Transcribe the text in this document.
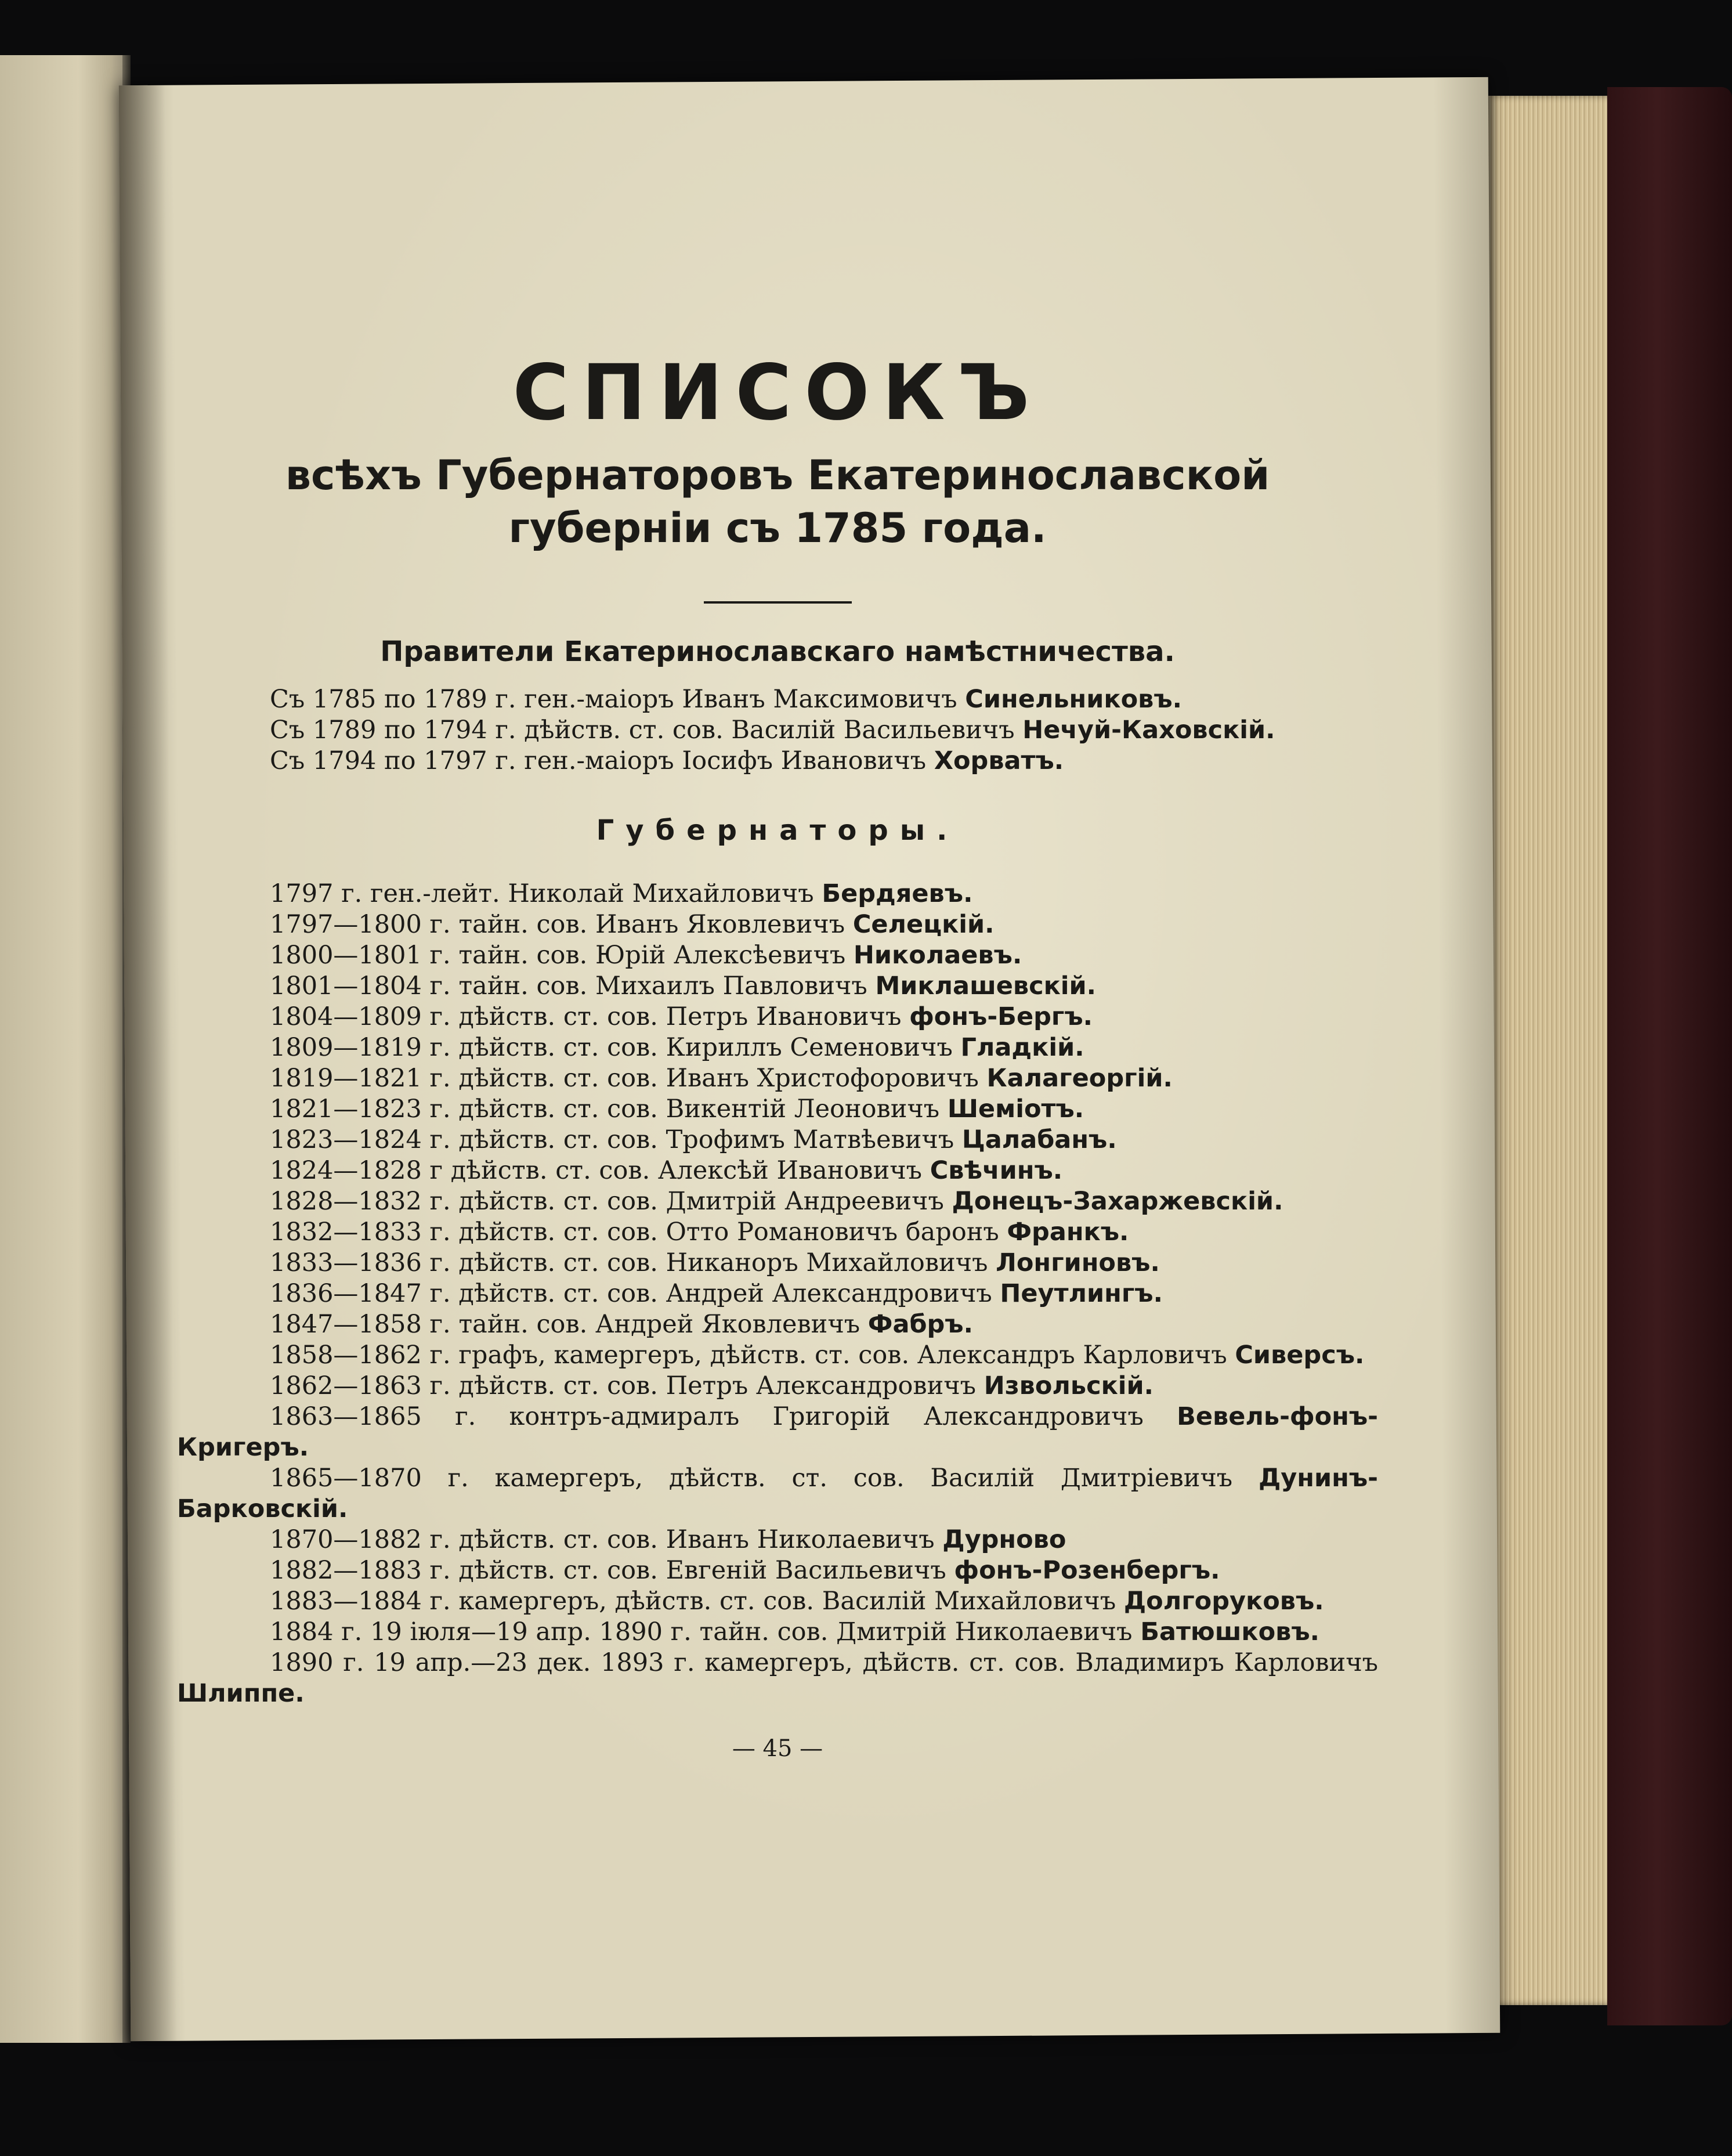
СПИСОКЪ

всѣхъ Губернаторовъ Екатеринославской губерніи съ 1785 года.

Правители Екатеринославскаго намѣстничества.

Съ 1785 по 1789 г. ген.-маіоръ Иванъ Максимовичъ Синельниковъ.

Съ 1789 по 1794 г. дѣйств. ст. сов. Василій Васильевичъ Нечуй-Каховскій.

Съ 1794 по 1797 г. ген.-маіоръ Іосифъ Ивановичъ Хорватъ.

Губернаторы.

1797 г. ген.-лейт. Николай Михайловичъ Бердяевъ.

1797—1800 г. тайн. сов. Иванъ Яковлевичъ Селецкій.

1800—1801 г. тайн. сов. Юрій Алексѣевичъ Николаевъ.

1801—1804 г. тайн. сов. Михаилъ Павловичъ Миклашевскій.

1804—1809 г. дѣйств. ст. сов. Петръ Ивановичъ фонъ-Бергъ.

1809—1819 г. дѣйств. ст. сов. Кириллъ Семеновичъ Гладкій.

1819—1821 г. дѣйств. ст. сов. Иванъ Христофоровичъ Калагеоргій.

1821—1823 г. дѣйств. ст. сов. Викентій Леоновичъ Шеміотъ.

1823—1824 г. дѣйств. ст. сов. Трофимъ Матвѣевичъ Цалабанъ.

1824—1828 г дѣйств. ст. сов. Алексѣй Ивановичъ Свѣчинъ.

1828—1832 г. дѣйств. ст. сов. Дмитрій Андреевичъ Донецъ-Захаржевскій.

1832—1833 г. дѣйств. ст. сов. Отто Романовичъ баронъ Франкъ.

1833—1836 г. дѣйств. ст. сов. Никаноръ Михайловичъ Лонгиновъ.

1836—1847 г. дѣйств. ст. сов. Андрей Александровичъ Пеутлингъ.

1847—1858 г. тайн. сов. Андрей Яковлевичъ Фабръ.

1858—1862 г. графъ, камергеръ, дѣйств. ст. сов. Александръ Карловичъ Сиверсъ.

1862—1863 г. дѣйств. ст. сов. Петръ Александровичъ Извольскій.

1863—1865 г. контръ-адмиралъ Григорій Александровичъ Вевель-фонъ-Кригеръ.

1865—1870 г. камергеръ, дѣйств. ст. сов. Василій Дмитріевичъ Дунинъ-Барковскій.

1870—1882 г. дѣйств. ст. сов. Иванъ Николаевичъ Дурново

1882—1883 г. дѣйств. ст. сов. Евгеній Васильевичъ фонъ-Розенбергъ.

1883—1884 г. камергеръ, дѣйств. ст. сов. Василій Михайловичъ Долгоруковъ.

1884 г. 19 іюля—19 апр. 1890 г. тайн. сов. Дмитрій Николаевичъ Батюшковъ.

1890 г. 19 апр.—23 дек. 1893 г. камергеръ, дѣйств. ст. сов. Владимиръ Карловичъ Шлиппе.

— 45 —
